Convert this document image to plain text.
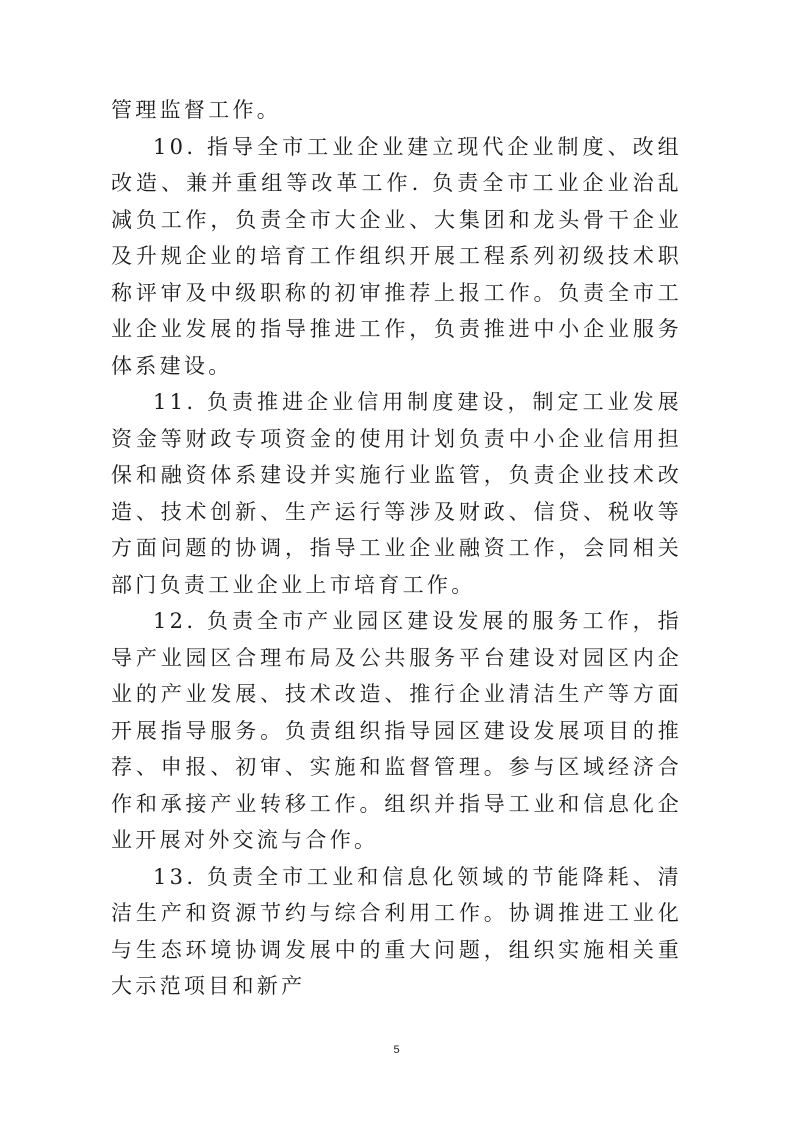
管理监督工作。

10. 指导全市工业企业建立现代企业制度、改组改造、兼并重组等改革工作. 负责全市工业企业治乱减负工作，负责全市大企业、大集团和龙头骨干企业及升规企业的培育工作组织开展工程系列初级技术职称评审及中级职称的初审推荐上报工作。负责全市工业企业发展的指导推进工作，负责推进中小企业服务体系建设。

11. 负责推进企业信用制度建设，制定工业发展资金等财政专项资金的使用计划负责中小企业信用担保和融资体系建设并实施行业监管，负责企业技术改造、技术创新、生产运行等涉及财政、信贷、税收等方面问题的协调，指导工业企业融资工作，会同相关部门负责工业企业上市培育工作。

12. 负责全市产业园区建设发展的服务工作，指导产业园区合理布局及公共服务平台建设对园区内企业的产业发展、技术改造、推行企业清洁生产等方面开展指导服务。负责组织指导园区建设发展项目的推荐、申报、初审、实施和监督管理。参与区域经济合作和承接产业转移工作。组织并指导工业和信息化企业开展对外交流与合作。

13. 负责全市工业和信息化领域的节能降耗、清洁生产和资源节约与综合利用工作。协调推进工业化与生态环境协调发展中的重大问题，组织实施相关重大示范项目和新产

5
